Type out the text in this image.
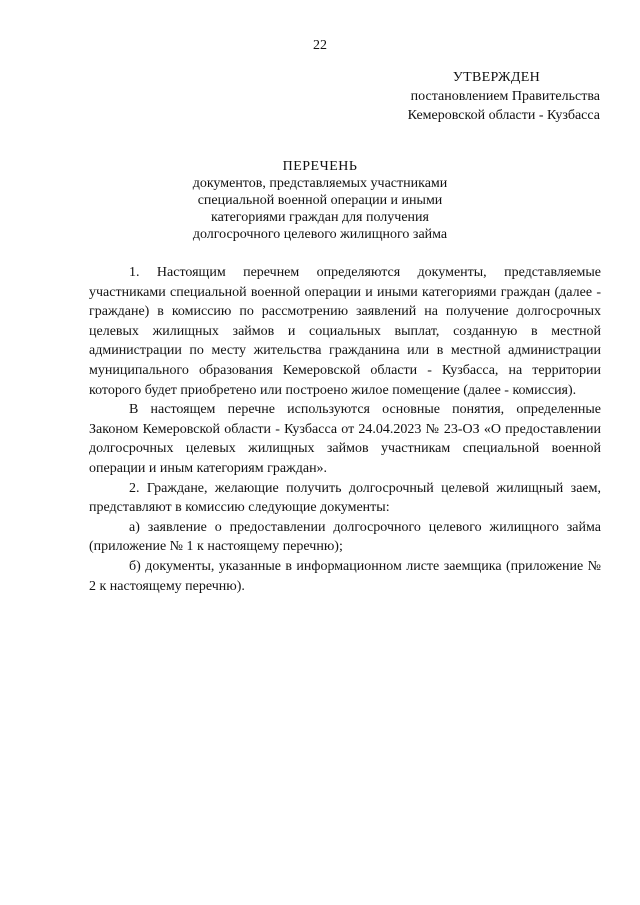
22
УТВЕРЖДЕН
постановлением Правительства
Кемеровской области - Кузбасса
ПЕРЕЧЕНЬ
документов, представляемых участниками
специальной военной операции и иными
категориями граждан для получения
долгосрочного целевого жилищного займа

1. Настоящим перечнем определяются документы, представляемые участниками специальной военной операции и иными категориями граждан (далее - граждане) в комиссию по рассмотрению заявлений на получение долгосрочных целевых жилищных займов и социальных выплат, созданную в местной администрации по месту жительства гражданина или в местной администрации муниципального образования Кемеровской области - Кузбасса, на территории которого будет приобретено или построено жилое помещение (далее - комиссия).

В настоящем перечне используются основные понятия, определенные Законом Кемеровской области - Кузбасса от 24.04.2023 № 23-ОЗ «О предоставлении долгосрочных целевых жилищных займов участникам специальной военной операции и иным категориям граждан».

2. Граждане, желающие получить долгосрочный целевой жилищный заем, представляют в комиссию следующие документы:

а) заявление о предоставлении долгосрочного целевого жилищного займа (приложение № 1 к настоящему перечню);

б) документы, указанные в информационном листе заемщика (приложение № 2 к настоящему перечню).
